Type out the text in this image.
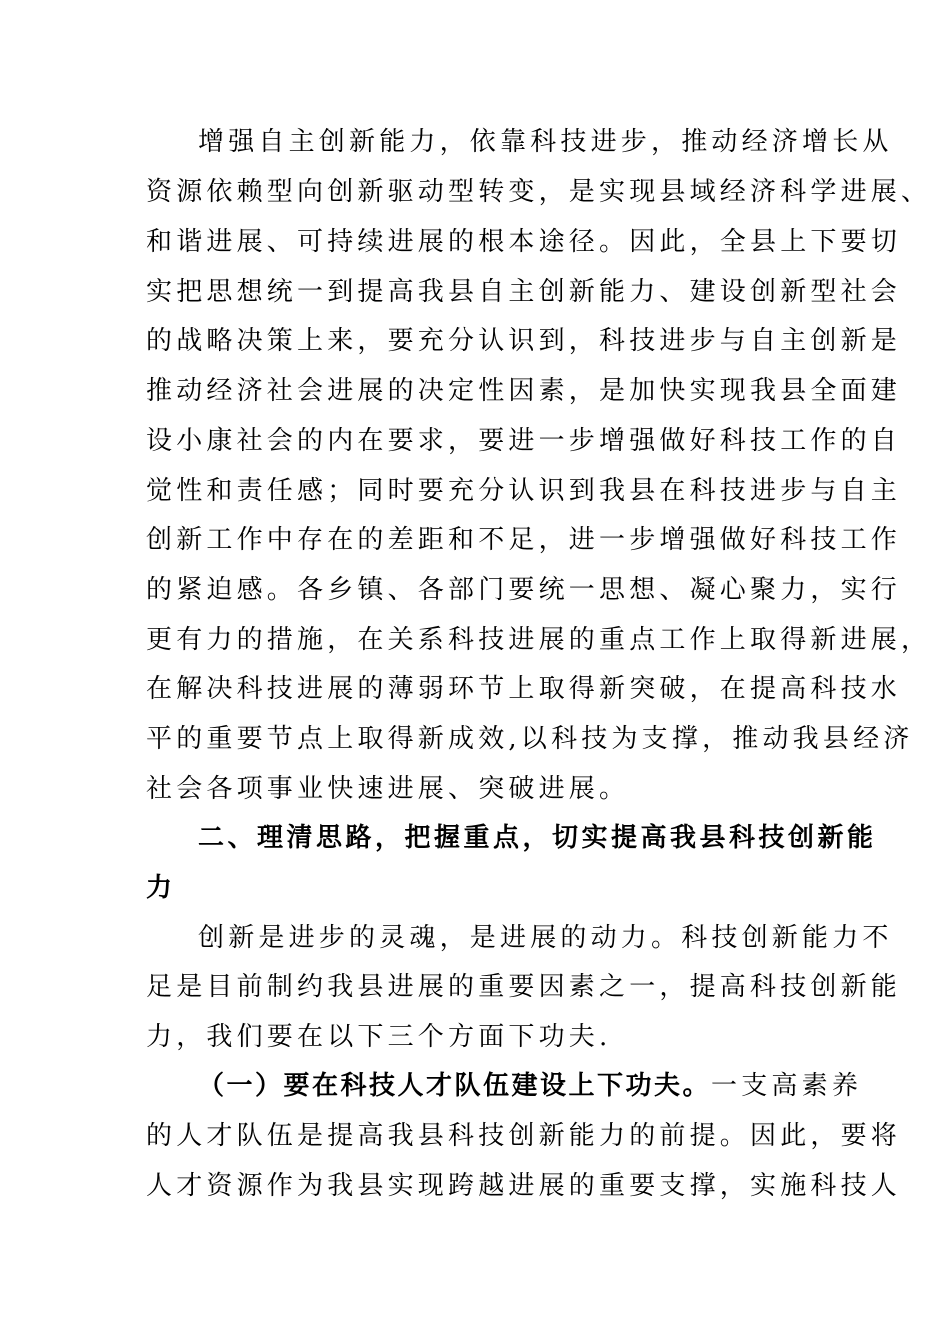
增强自主创新能力，依靠科技进步，推动经济增长从

资源依赖型向创新驱动型转变，是实现县域经济科学进展、

和谐进展、可持续进展的根本途径。因此，全县上下要切

实把思想统一到提高我县自主创新能力、建设创新型社会

的战略决策上来，要充分认识到，科技进步与自主创新是

推动经济社会进展的决定性因素，是加快实现我县全面建

设小康社会的内在要求，要进一步增强做好科技工作的自

觉性和责任感；同时要充分认识到我县在科技进步与自主

创新工作中存在的差距和不足，进一步增强做好科技工作

的紧迫感。各乡镇、各部门要统一思想、凝心聚力，实行

更有力的措施，在关系科技进展的重点工作上取得新进展，

在解决科技进展的薄弱环节上取得新突破，在提高科技水

平的重要节点上取得新成效,以科技为支撑，推动我县经济

社会各项事业快速进展、突破进展。

二、理清思路，把握重点，切实提高我县科技创新能

力

创新是进步的灵魂，是进展的动力。科技创新能力不

足是目前制约我县进展的重要因素之一，提高科技创新能

力，我们要在以下三个方面下功夫.

（一）要在科技人才队伍建设上下功夫。一支高素养

的人才队伍是提高我县科技创新能力的前提。因此，要将

人才资源作为我县实现跨越进展的重要支撑，实施科技人
